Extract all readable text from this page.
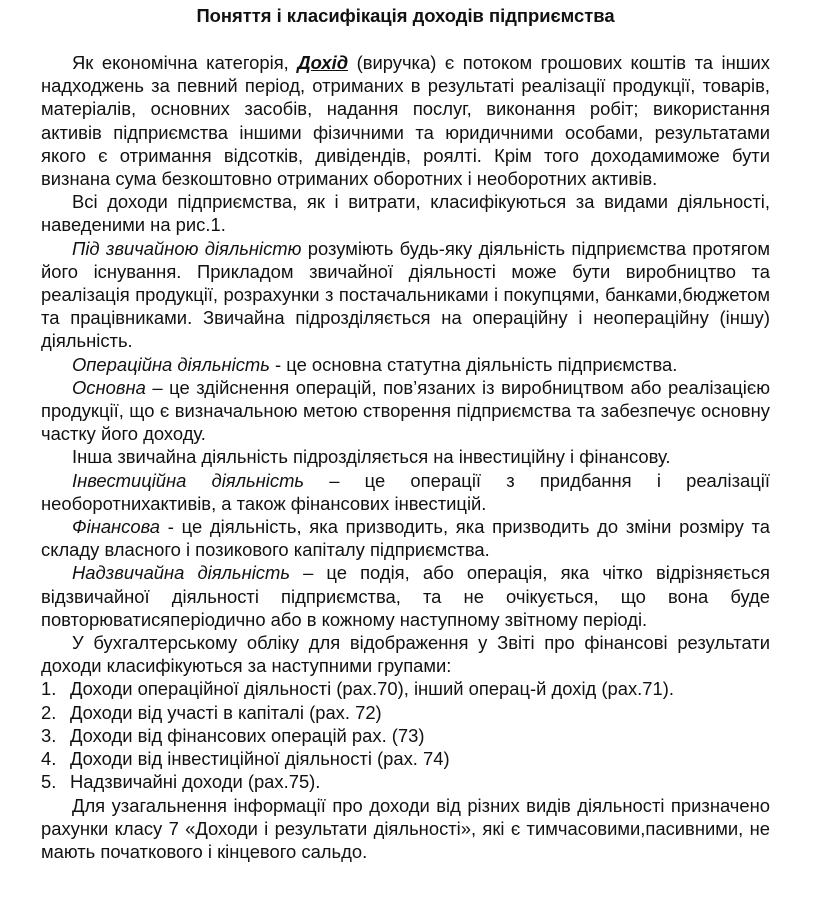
Поняття і класифікація доходів підприємства

Як економічна категорія, Дохід (виручка) є потоком грошових коштів та інших надходжень за певний період, отриманих в результаті реалізації продукції, товарів, матеріалів, основних засобів, надання послуг, виконання робіт; використання активів підприємства іншими фізичними та юридичними особами, результатами якого є отримання відсотків, дивідендів, роялті. Крім того доходамиможе бути визнана сума безкоштовно отриманих оборотних і необоротних активів.

Всі доходи підприємства, як і витрати, класифікуються за видами діяльності, наведеними на рис.1.

Під звичайною діяльністю розуміють будь-яку діяльність підприємства протягом його існування. Прикладом звичайної діяльності може бути виробництво та реалізація продукції, розрахунки з постачальниками і покупцями, банками,бюджетом та працівниками. Звичайна підрозділяється на операційну і неопераційну (іншу) діяльність.

Операційна діяльність - це основна статутна діяльність підприємства.

Основна – це здійснення операцій, пов’язаних із виробництвом або реалізацією продукції, що є визначальною метою створення підприємства та забезпечує основну частку його доходу.

Інша звичайна діяльність підрозділяється на інвестиційну і фінансову.

Інвестиційна діяльність – це операції з придбання і реалізації необоротнихактивів, а також фінансових інвестицій.

Фінансова - це діяльність, яка призводить, яка призводить до зміни розміру та складу власного і позикового капіталу підприємства.

Надзвичайна діяльність – це подія, або операція, яка чітко відрізняється відзвичайної діяльності підприємства, та не очікується, що вона буде повторюватисяперіодично або в кожному наступному звітному періоді.

У бухгалтерському обліку для відображення у Звіті про фінансові результати доходи класифікуються за наступними групами:

1. Доходи операційної діяльності (рах.70), інший операц-й дохід (рах.71).
2. Доходи від участі в капіталі (рах. 72)
3. Доходи від фінансових операцій рах. (73)
4. Доходи від інвестиційної діяльності (рах. 74)
5. Надзвичайні доходи (рах.75).

Для узагальнення інформації про доходи від різних видів діяльності призначено рахунки класу 7 «Доходи і результати діяльності», які є тимчасовими,пасивними, не мають початкового і кінцевого сальдо.
